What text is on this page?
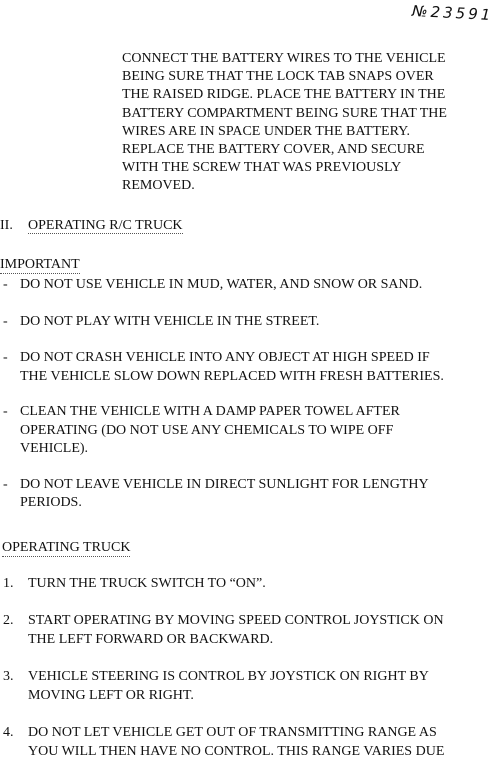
№23591
CONNECT THE BATTERY WIRES TO THE VEHICLE
BEING SURE THAT THE LOCK TAB SNAPS OVER
THE RAISED RIDGE. PLACE THE BATTERY IN THE
BATTERY COMPARTMENT BEING SURE THAT THE
WIRES ARE IN SPACE UNDER THE BATTERY.
REPLACE THE BATTERY COVER, AND SECURE
WITH THE SCREW THAT WAS PREVIOUSLY
REMOVED.
II. OPERATING R/C TRUCK
IMPORTANT
- DO NOT USE VEHICLE IN MUD, WATER, AND SNOW OR SAND.
- DO NOT PLAY WITH VEHICLE IN THE STREET.
- DO NOT CRASH VEHICLE INTO ANY OBJECT AT HIGH SPEED IF
THE VEHICLE SLOW DOWN REPLACED WITH FRESH BATTERIES.
- CLEAN THE VEHICLE WITH A DAMP PAPER TOWEL AFTER
OPERATING (DO NOT USE ANY CHEMICALS TO WIPE OFF
VEHICLE).
- DO NOT LEAVE VEHICLE IN DIRECT SUNLIGHT FOR LENGTHY
PERIODS.
OPERATING TRUCK
1. TURN THE TRUCK SWITCH TO “ON”.
2. START OPERATING BY MOVING SPEED CONTROL JOYSTICK ON
THE LEFT FORWARD OR BACKWARD.
3. VEHICLE STEERING IS CONTROL BY JOYSTICK ON RIGHT BY
MOVING LEFT OR RIGHT.
4. DO NOT LET VEHICLE GET OUT OF TRANSMITTING RANGE AS
YOU WILL THEN HAVE NO CONTROL. THIS RANGE VARIES DUE
